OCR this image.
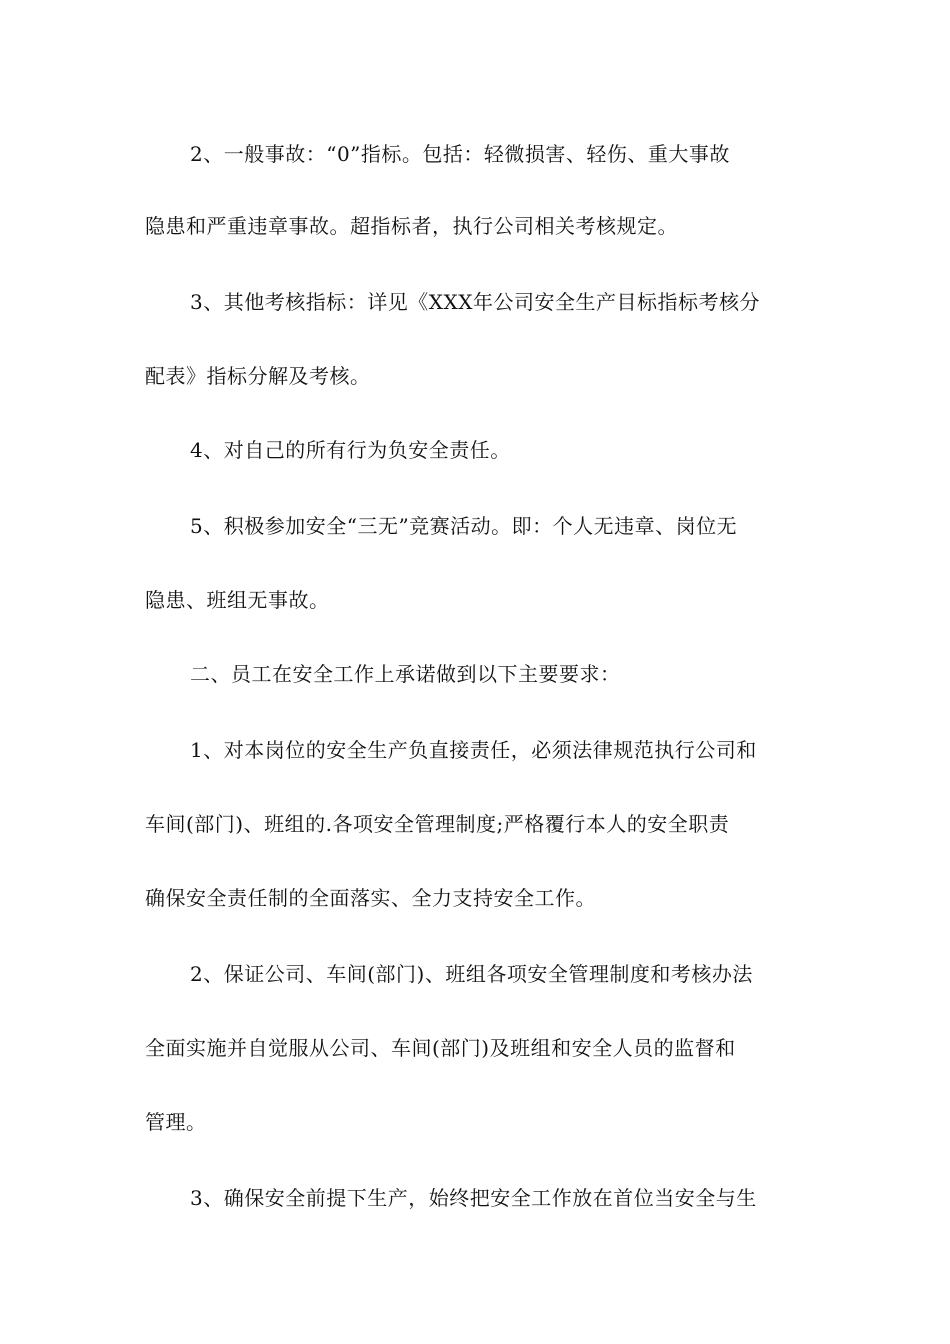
2、一般事故：“0”指标。包括：轻微损害、轻伤、重大事故
隐患和严重违章事故。超指标者，执行公司相关考核规定。
3、其他考核指标：详见《XXX年公司安全生产目标指标考核分
配表》指标分解及考核。
4、对自己的所有行为负安全责任。
5、积极参加安全“三无”竞赛活动。即：个人无违章、岗位无
隐患、班组无事故。
二、员工在安全工作上承诺做到以下主要要求：
1、对本岗位的安全生产负直接责任，必须法律规范执行公司和
车间(部门)、班组的.各项安全管理制度;严格覆行本人的安全职责
确保安全责任制的全面落实、全力支持安全工作。
2、保证公司、车间(部门)、班组各项安全管理制度和考核办法
全面实施并自觉服从公司、车间(部门)及班组和安全人员的监督和
管理。
3、确保安全前提下生产，始终把安全工作放在首位当安全与生
